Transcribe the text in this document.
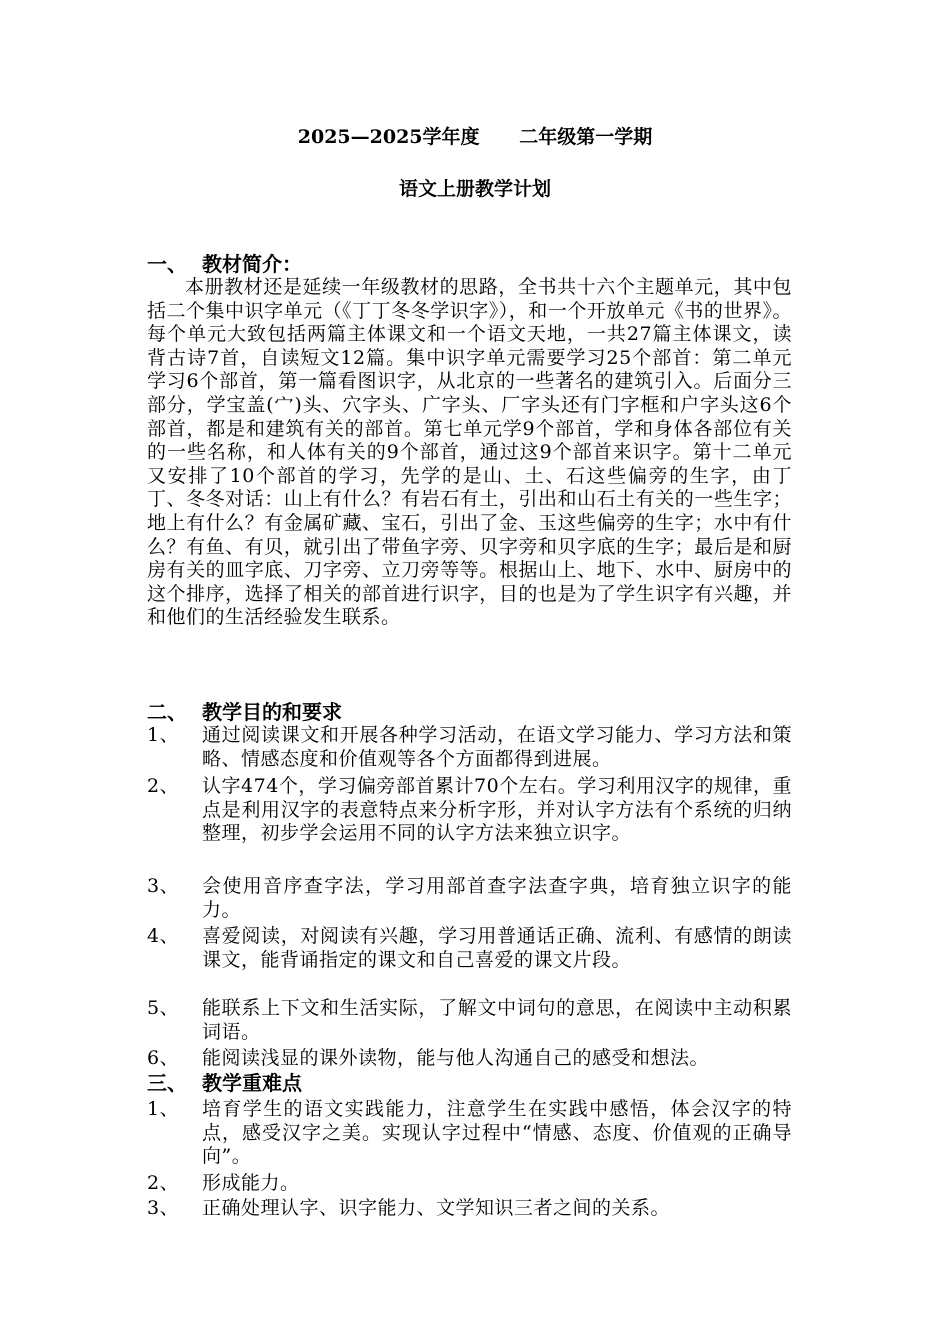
2025—2025学年度      二年级第一学期
语文上册教学计划
一、 教材简介：
本册教材还是延续一年级教材的思路，全书共十六个主题单元，其中包括二个集中识字单元（《丁丁冬冬学识字》），和一个开放单元《书的世界》。每个单元大致包括两篇主体课文和一个语文天地，一共27篇主体课文，读背古诗7首，自读短文12篇。集中识字单元需要学习25个部首：第二单元学习6个部首，第一篇看图识字，从北京的一些著名的建筑引入。后面分三部分，学宝盖(宀)头、穴字头、广字头、厂字头还有门字框和户字头这6个部首，都是和建筑有关的部首。第七单元学9个部首，学和身体各部位有关的一些名称，和人体有关的9个部首，通过这9个部首来识字。第十二单元又安排了10个部首的学习，先学的是山、土、石这些偏旁的生字，由丁丁、冬冬对话：山上有什么？有岩石有土，引出和山石土有关的一些生字；地上有什么？有金属矿藏、宝石，引出了金、玉这些偏旁的生字；水中有什么？有鱼、有贝，就引出了带鱼字旁、贝字旁和贝字底的生字；最后是和厨房有关的皿字底、刀字旁、立刀旁等等。根据山上、地下、水中、厨房中的这个排序，选择了相关的部首进行识字，目的也是为了学生识字有兴趣，并和他们的生活经验发生联系。
二、 教学目的和要求
1、	通过阅读课文和开展各种学习活动，在语文学习能力、学习方法和策略、情感态度和价值观等各个方面都得到进展。
2、	认字474个，学习偏旁部首累计70个左右。学习利用汉字的规律，重点是利用汉字的表意特点来分析字形，并对认字方法有个系统的归纳整理，初步学会运用不同的认字方法来独立识字。
3、	会使用音序查字法，学习用部首查字法查字典，培育独立识字的能力。
4、	喜爱阅读，对阅读有兴趣，学习用普通话正确、流利、有感情的朗读课文，能背诵指定的课文和自己喜爱的课文片段。
5、	能联系上下文和生活实际，了解文中词句的意思，在阅读中主动积累词语。
6、	能阅读浅显的课外读物，能与他人沟通自己的感受和想法。
三、 教学重难点
1、	培育学生的语文实践能力，注意学生在实践中感悟，体会汉字的特点，感受汉字之美。实现认字过程中“情感、态度、价值观的正确导向”。
2、	形成能力。
3、	正确处理认字、识字能力、文学知识三者之间的关系。
